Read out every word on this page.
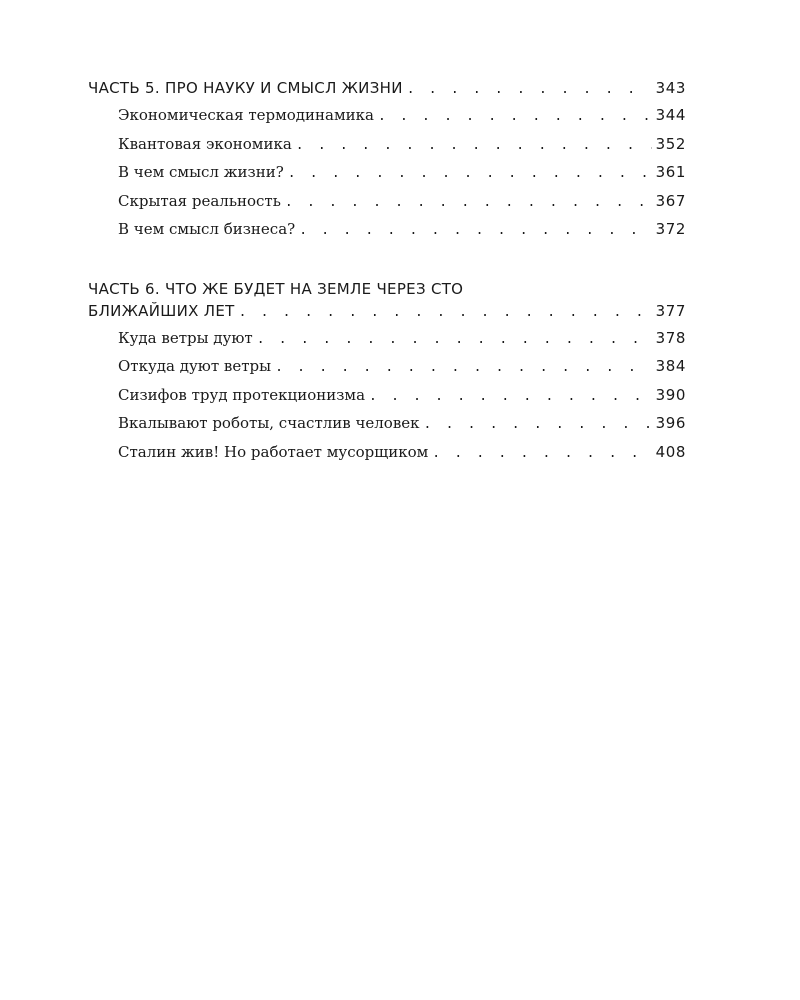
ЧАСТЬ 5. ПРО НАУКУ И СМЫСЛ ЖИЗНИ . . .	343
Экономическая термодинамика . . .	344
Квантовая экономика . . .	352
В чем смысл жизни? . . .	361
Скрытая реальность . . .	367
В чем смысл бизнеса? . . .	372
ЧАСТЬ 6. ЧТО ЖЕ БУДЕТ НА ЗЕМЛЕ ЧЕРЕЗ СТО
БЛИЖАЙШИХ ЛЕТ . . .	377
Куда ветры дуют . . .	378
Откуда дуют ветры . . .	384
Сизифов труд протекционизма . . .	390
Вкалывают роботы, счастлив человек . . .	396
Сталин жив! Но работает мусорщиком . . .	408
